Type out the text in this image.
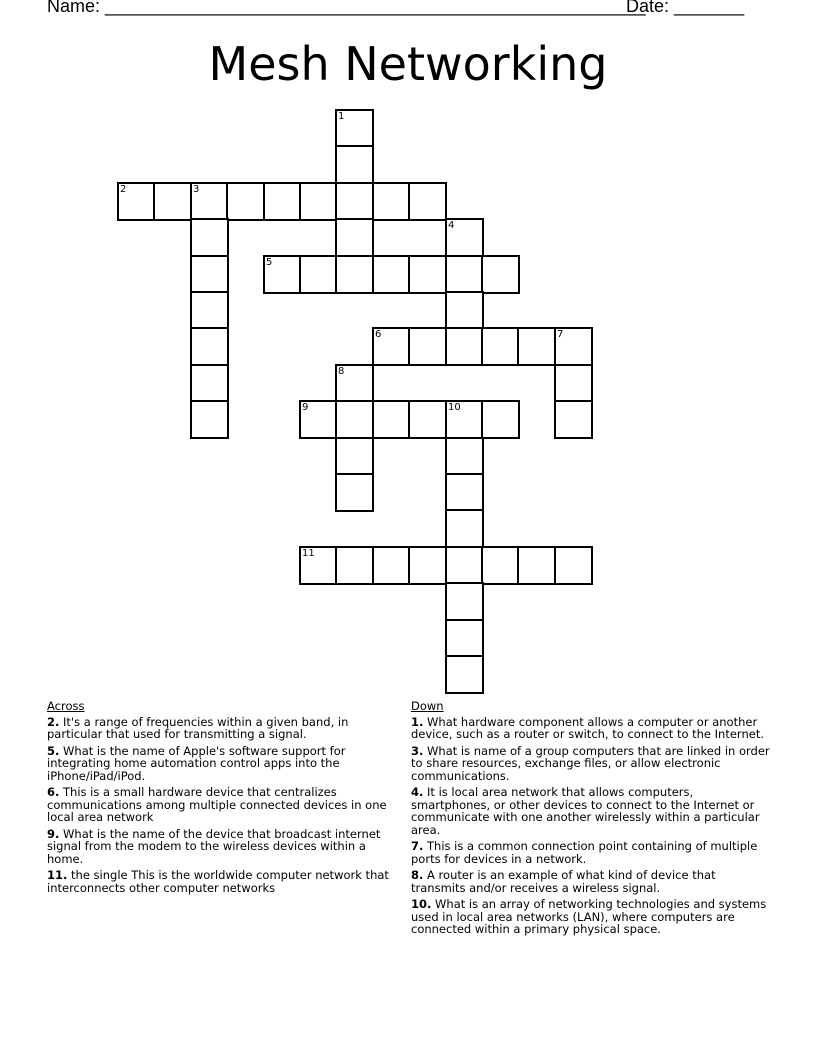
Name: ______________________________________________________
Date: _______
Mesh Networking
1
2	3
4
5
6	7
8
9	10
11
Across
2. It's a range of frequencies within a given band, in particular that used for transmitting a signal.
5. What is the name of Apple's software support for integrating home automation control apps into the iPhone/iPad/iPod.
6. This is a small hardware device that centralizes communications among multiple connected devices in one local area network
9. What is the name of the device that broadcast internet signal from the modem to the wireless devices within a home.
11. the single This is the worldwide computer network that interconnects other computer networks
Down
1. What hardware component allows a computer or another device, such as a router or switch, to connect to the Internet.
3. What is name of a group computers that are linked in order to share resources, exchange files, or allow electronic communications.
4. It is local area network that allows computers, smartphones, or other devices to connect to the Internet or communicate with one another wirelessly within a particular area.
7. This is a common connection point containing of multiple ports for devices in a network.
8. A router is an example of what kind of device that transmits and/or receives a wireless signal.
10. What is an array of networking technologies and systems used in local area networks (LAN), where computers are connected within a primary physical space.
